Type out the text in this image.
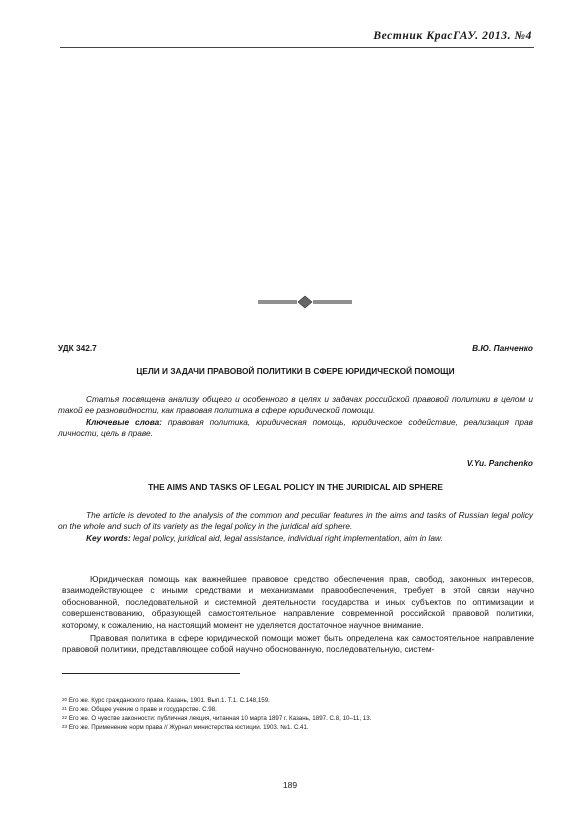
Вестник КрасГАУ. 2013. №4
УДК 342.7	В.Ю. Панченко
ЦЕЛИ И ЗАДАЧИ ПРАВОВОЙ ПОЛИТИКИ В СФЕРЕ ЮРИДИЧЕСКОЙ ПОМОЩИ
Статья посвящена анализу общего и особенного в целях и задачах российской правовой политики в целом и такой ее разновидности, как правовая политика в сфере юридической помощи.
Ключевые слова: правовая политика, юридическая помощь, юридическое содействие, реализация прав личности, цель в праве.
V.Yu. Panchenko
THE AIMS AND TASKS OF LEGAL POLICY IN THE JURIDICAL AID SPHERE
The article is devoted to the analysis of the common and peculiar features in the aims and tasks of Russian legal policy on the whole and such of its variety as the legal policy in the juridical aid sphere.
Key words: legal policy, juridical aid, legal assistance, individual right implementation, aim in law.
Юридическая помощь как важнейшее правовое средство обеспечения прав, свобод, законных интересов, взаимодействующее с иными средствами и механизмами правообеспечения, требует в этой связи научно обоснованной, последовательной и системной деятельности государства и иных субъектов по оптимизации и совершенствованию, образующей самостоятельное направление современной российской правовой политики, которому, к сожалению, на настоящий момент не уделяется достаточное научное внимание.
Правовая политика в сфере юридической помощи может быть определена как самостоятельное направление правовой политики, представляющее собой научно обоснованную, последовательную, систем-
$^{20}$ Его же. Курс гражданского права. Казань, 1901. Вып.1. Т.1. С.148,159.
$^{21}$ Его же. Общее учение о праве и государстве. С.98.
$^{22}$ Его же. О чувстве законности: публичная лекция, читанная 10 марта 1897 г. Казань, 1897. С.8, 10–11, 13.
$^{23}$ Его же. Применение норм права // Журнал министерства юстиции. 1903. №1. С.41.
189
